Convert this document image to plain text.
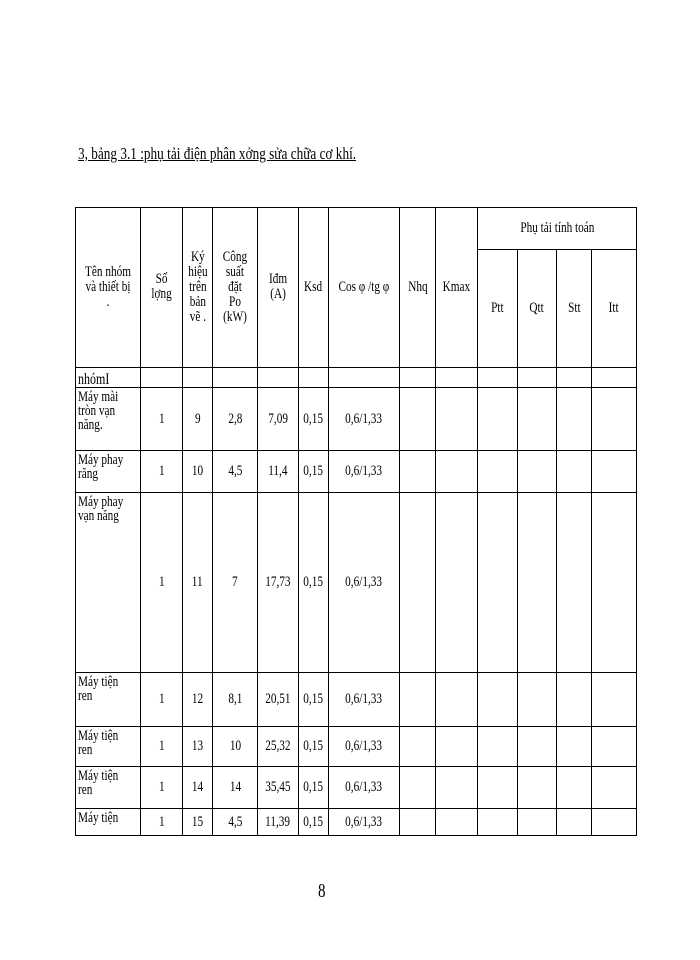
3, bảng 3.1 :phụ tải điện phân xởng sửa chữa cơ khí.
Tên nhóm
và thiết bị .	Số
lợng	Ký
hiệu
trên
bản
vẽ .	Công
suất đặt
Po
(kW)	Iđm
(A)	Ksd	Cos φ /tg φ	Nhq	Kmax	Phụ tải tính toán			
									Ptt	Qtt	Stt	Itt

nhómI												

Máy mài
tròn vạn
năng.	1	9	2,8	7,09	0,15	0,6/1,33						

Máy phay
răng	1	10	4,5	11,4	0,15	0,6/1,33						

Máy phay
vạn năng	1	11	7	17,73	0,15	0,6/1,33						

Máy tiện
ren	1	12	8,1	20,51	0,15	0,6/1,33						

Máy tiện
ren	1	13	10	25,32	0,15	0,6/1,33						

Máy tiện
ren	1	14	14	35,45	0,15	0,6/1,33						

Máy tiện	1	15	4,5	11,39	0,15	0,6/1,33						
8
